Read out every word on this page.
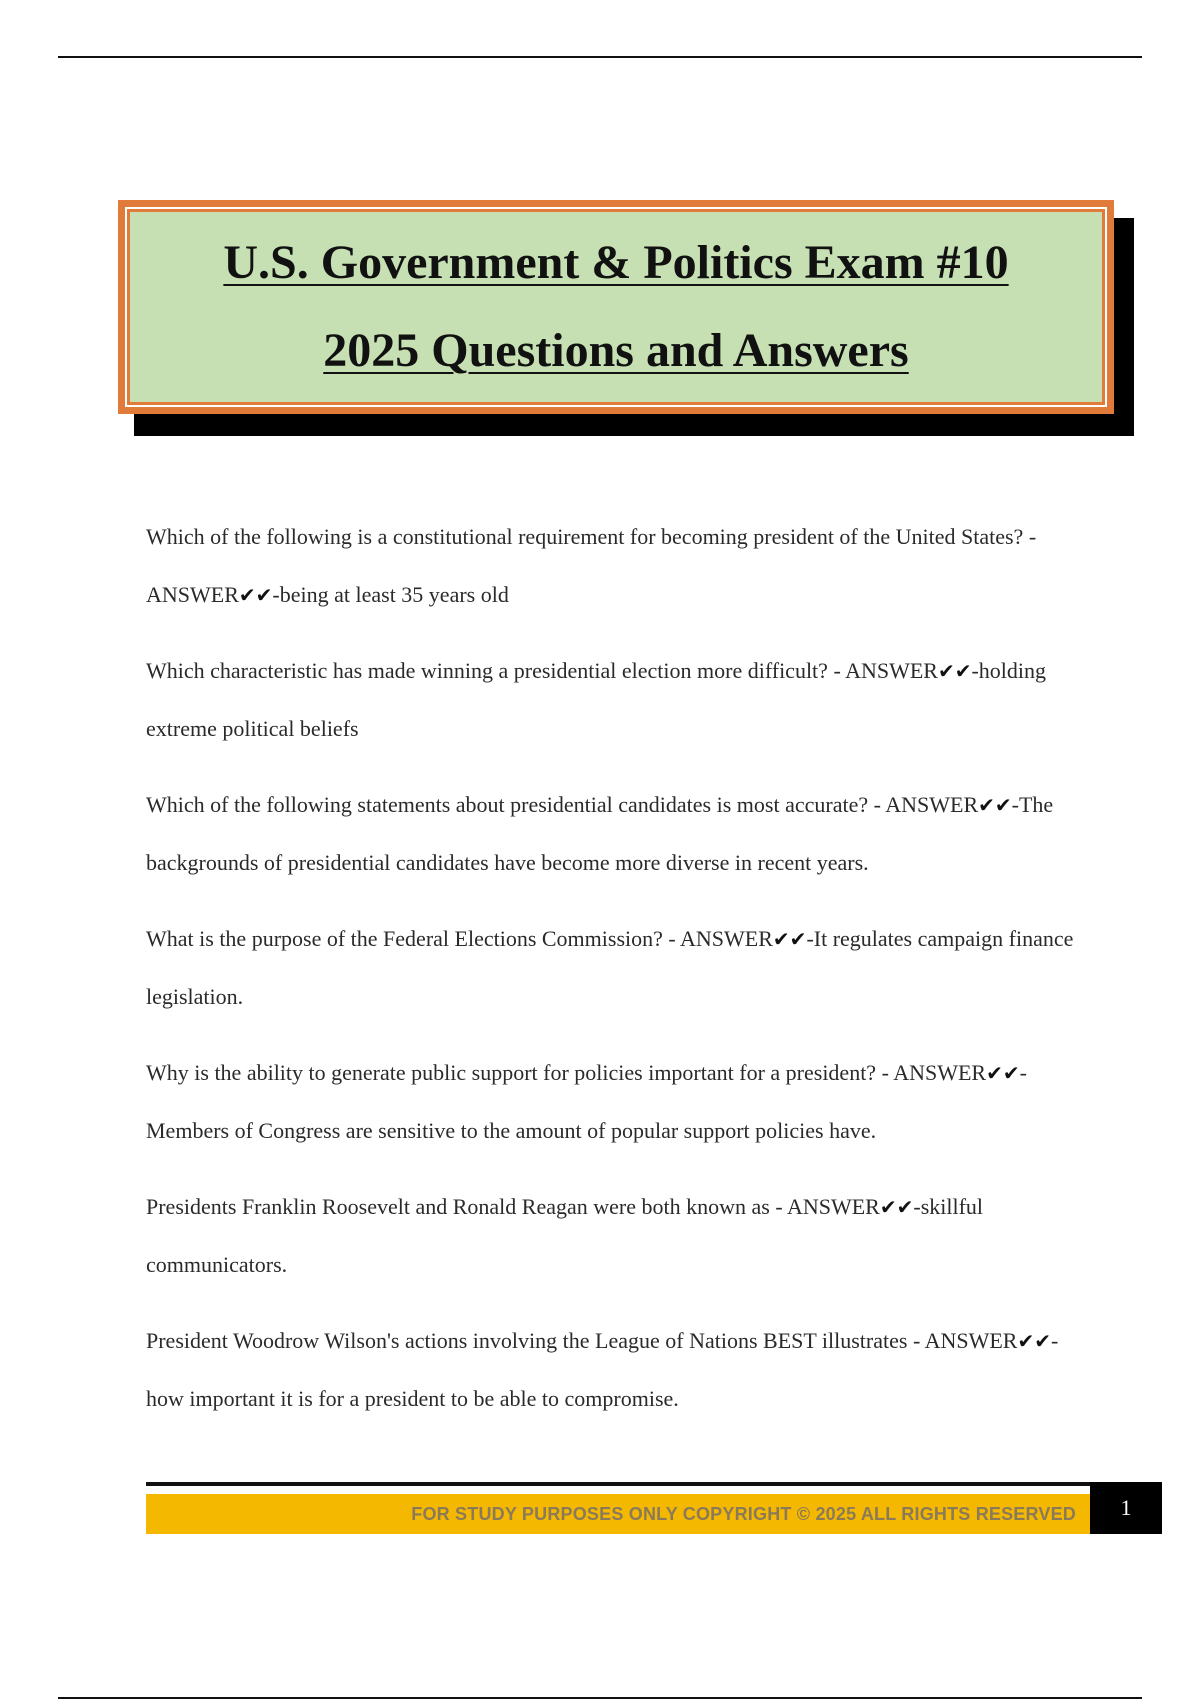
U.S. Government & Politics Exam #10
2025 Questions and Answers
Which of the following is a constitutional requirement for becoming president of the United States? - ANSWER✔✔-being at least 35 years old
Which characteristic has made winning a presidential election more difficult? - ANSWER✔✔-holding extreme political beliefs
Which of the following statements about presidential candidates is most accurate? - ANSWER✔✔-The backgrounds of presidential candidates have become more diverse in recent years.
What is the purpose of the Federal Elections Commission? - ANSWER✔✔-It regulates campaign finance legislation.
Why is the ability to generate public support for policies important for a president? - ANSWER✔✔-Members of Congress are sensitive to the amount of popular support policies have.
Presidents Franklin Roosevelt and Ronald Reagan were both known as - ANSWER✔✔-skillful communicators.
President Woodrow Wilson's actions involving the League of Nations BEST illustrates - ANSWER✔✔-how important it is for a president to be able to compromise.
FOR STUDY PURPOSES ONLY COPYRIGHT © 2025 ALL RIGHTS RESERVED	1
